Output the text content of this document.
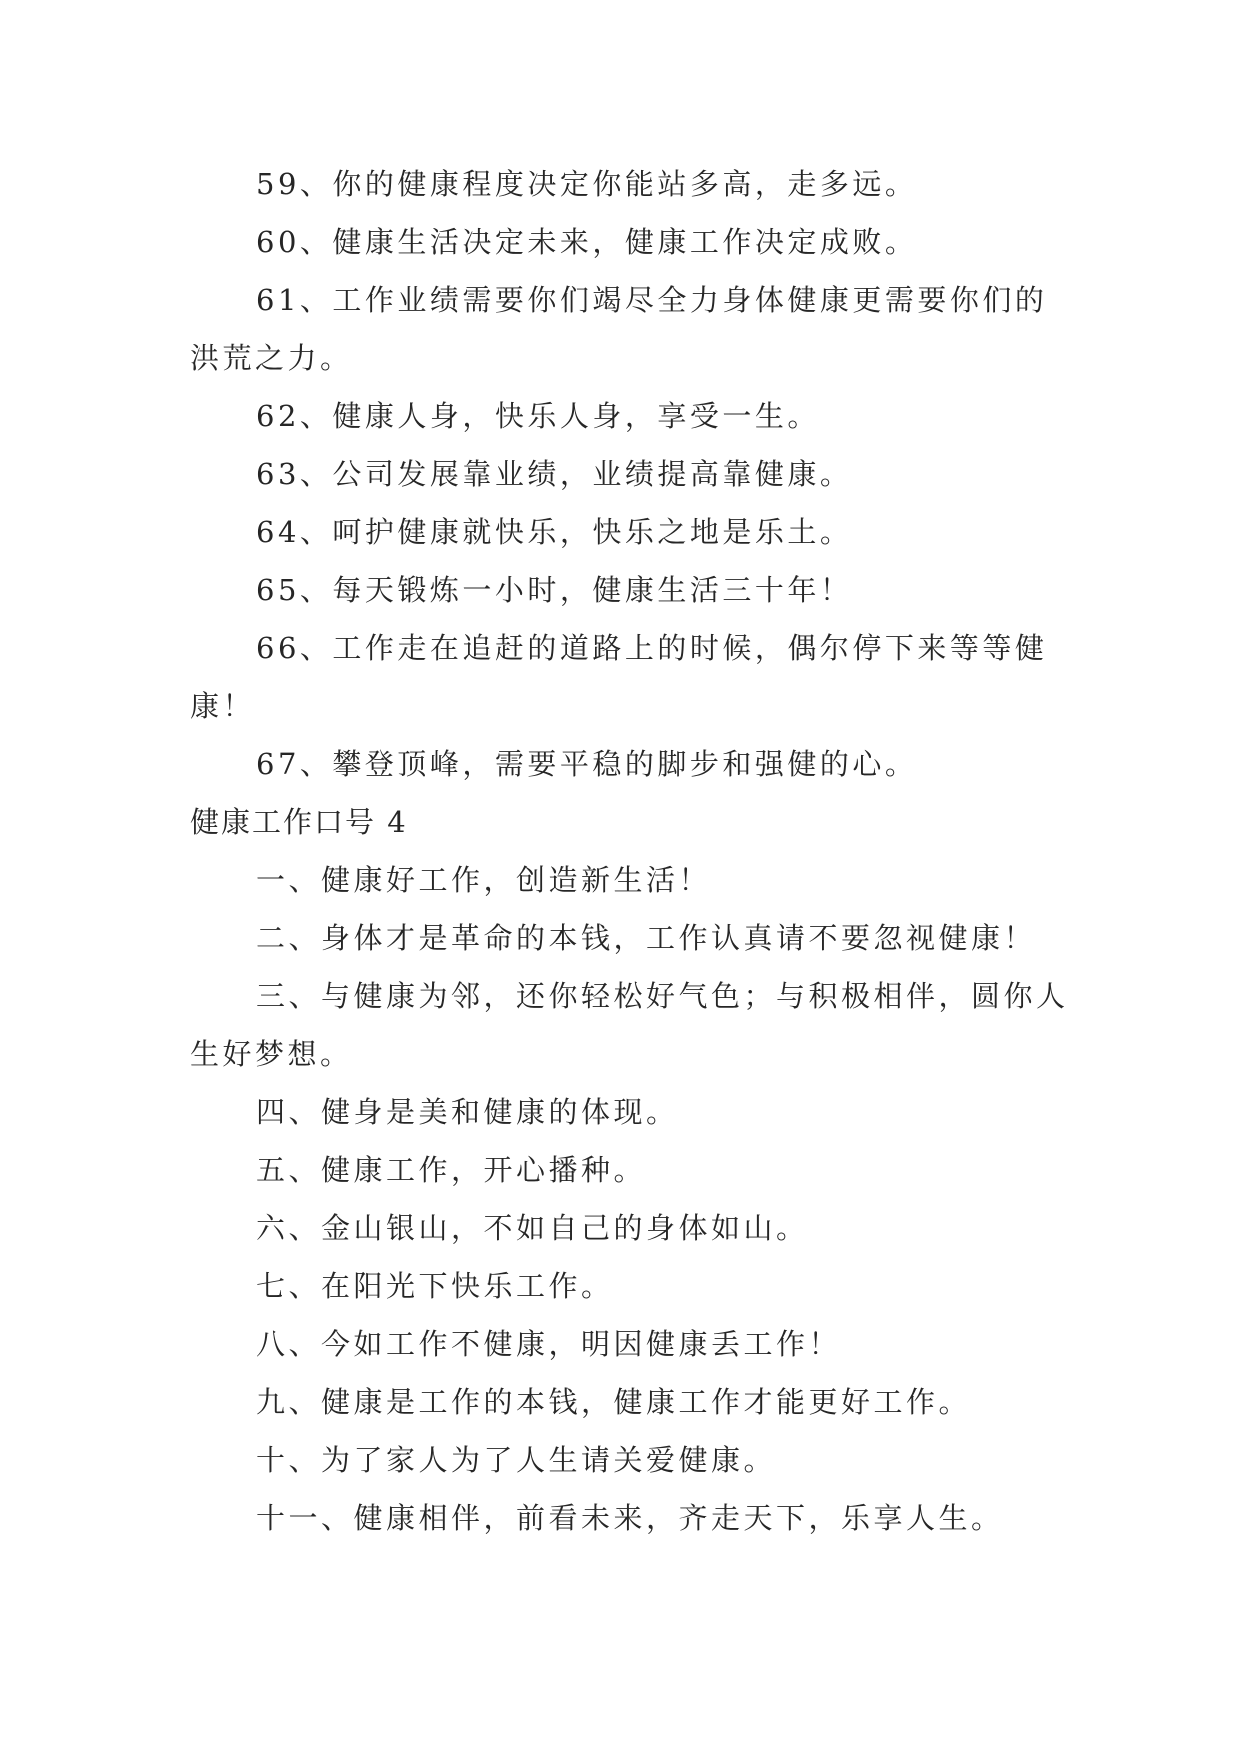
59、你的健康程度决定你能站多高，走多远。

60、健康生活决定未来，健康工作决定成败。

61、工作业绩需要你们竭尽全力身体健康更需要你们的洪荒之力。

62、健康人身，快乐人身，享受一生。

63、公司发展靠业绩，业绩提高靠健康。

64、呵护健康就快乐，快乐之地是乐土。

65、每天锻炼一小时，健康生活三十年！

66、工作走在追赶的道路上的时候，偶尔停下来等等健康！

67、攀登顶峰，需要平稳的脚步和强健的心。

健康工作口号 4

一、健康好工作，创造新生活！

二、身体才是革命的本钱，工作认真请不要忽视健康！

三、与健康为邻，还你轻松好气色；与积极相伴，圆你人生好梦想。

四、健身是美和健康的体现。

五、健康工作，开心播种。

六、金山银山，不如自己的身体如山。

七、在阳光下快乐工作。

八、今如工作不健康，明因健康丢工作！

九、健康是工作的本钱，健康工作才能更好工作。

十、为了家人为了人生请关爱健康。

十一、健康相伴，前看未来，齐走天下，乐享人生。
